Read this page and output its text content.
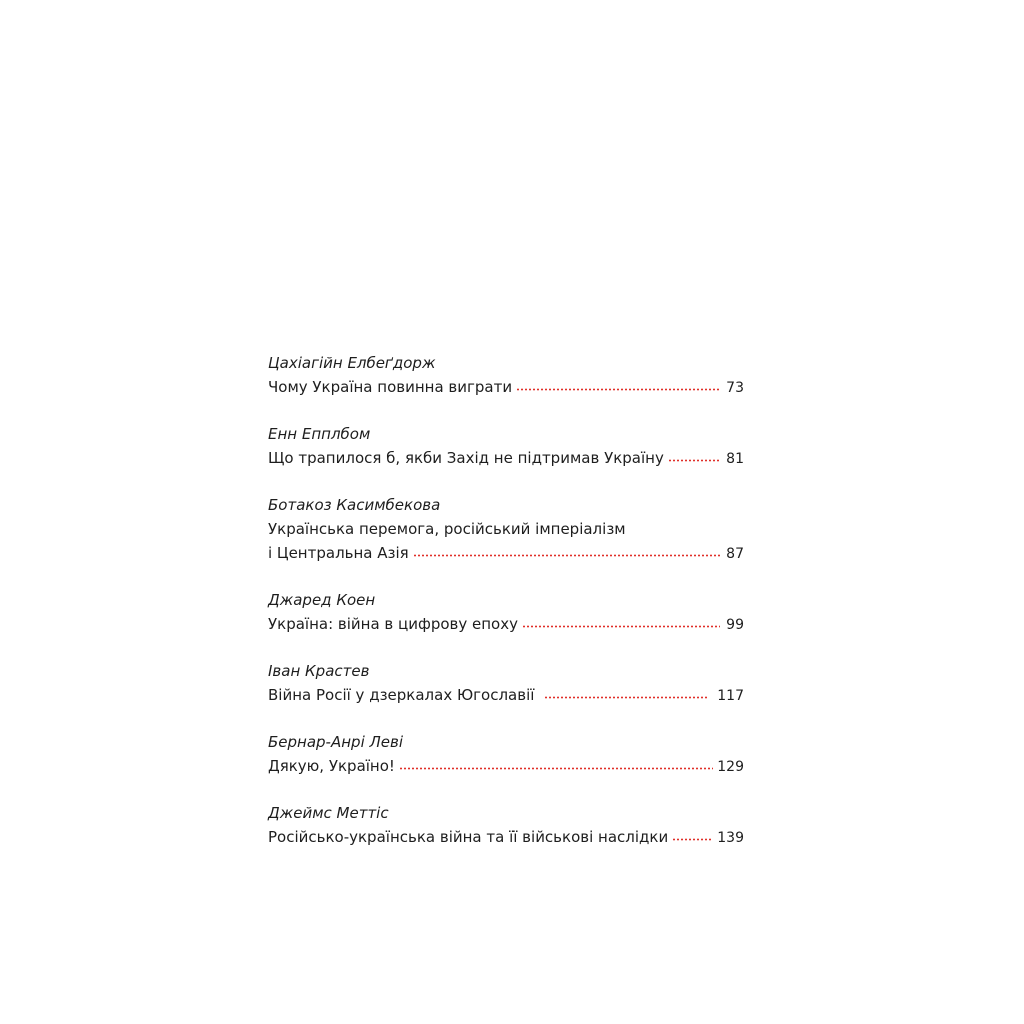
Цахіагійн Елбеґдорж
Чому Україна повинна виграти	73
Енн Епплбом
Що трапилося б, якби Захід не підтримав Україну	81
Ботакоз Касимбекова
Українська перемога, російський імперіалізм
і Центральна Азія	87
Джаред Коен
Україна: війна в цифрову епоху	99
Іван Крастев
Війна Росії у дзеркалах Югославії	117
Бернар-Анрі Леві
Дякую, Україно!	129
Джеймс Меттіс
Російсько-українська війна та її військові наслідки	139
